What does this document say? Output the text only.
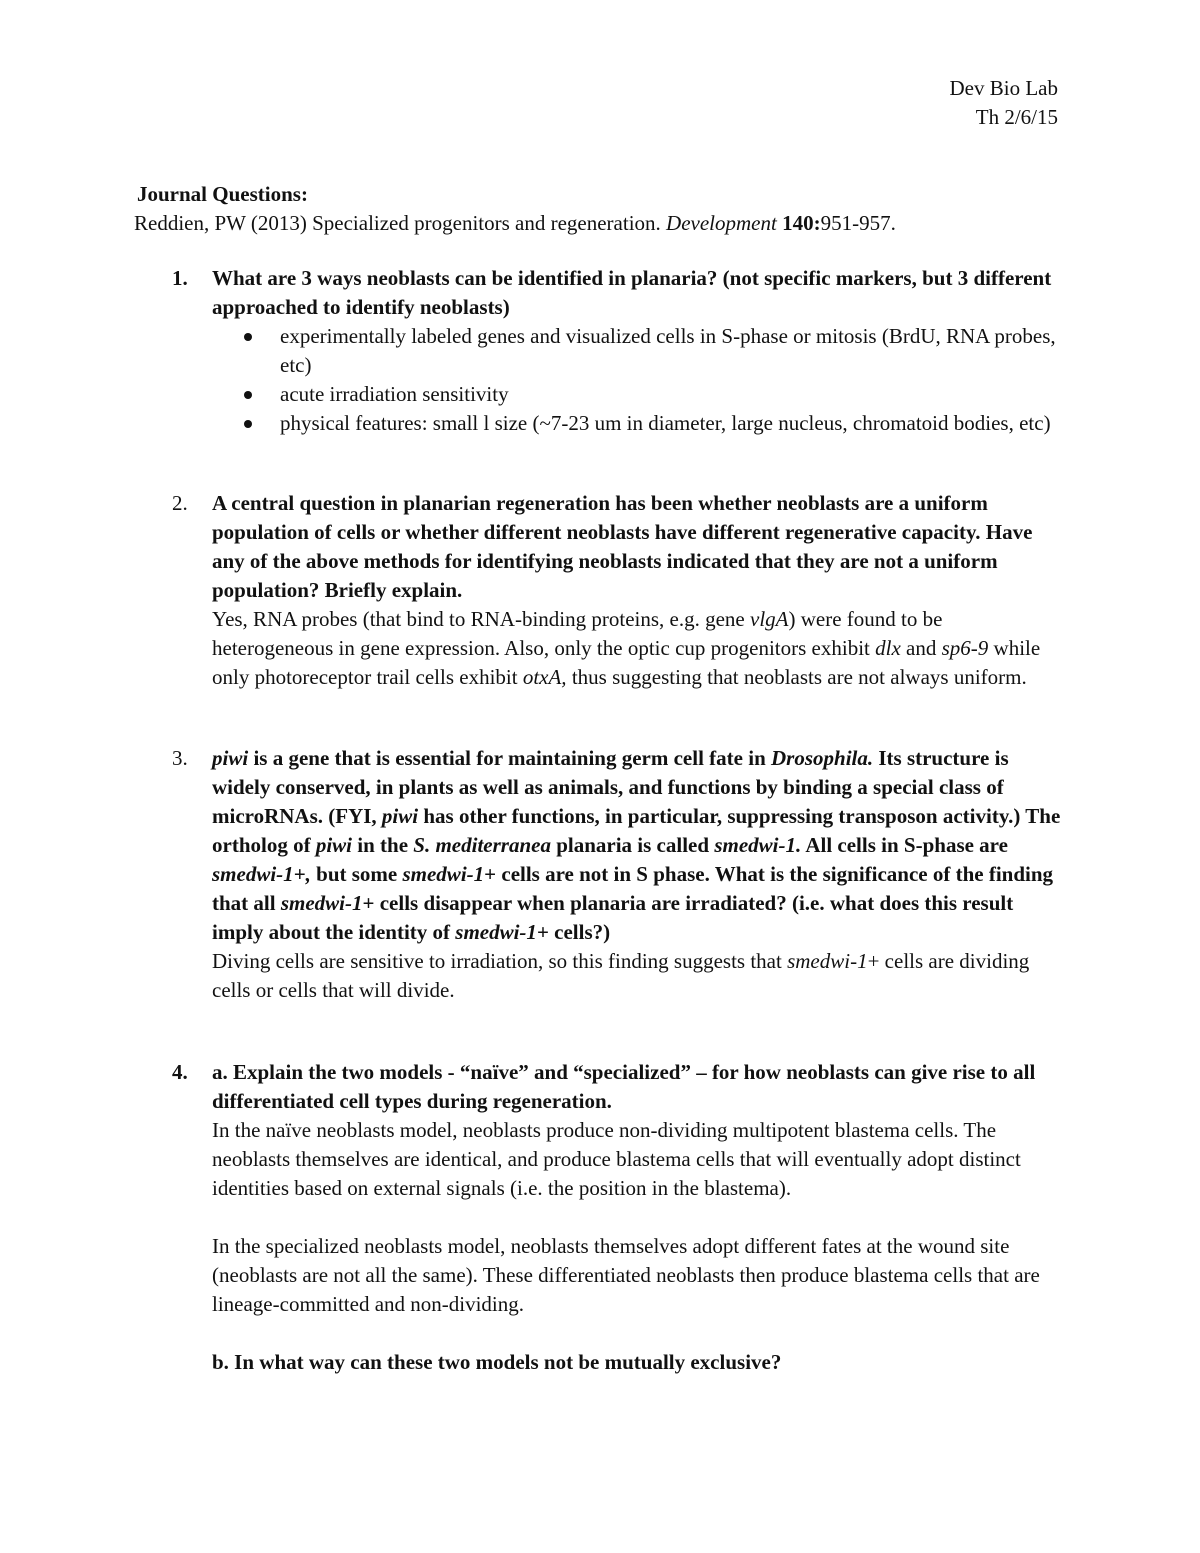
Dev Bio Lab
Th 2/6/15
Journal Questions:
Reddien, PW (2013) Specialized progenitors and regeneration. Development 140:951-957.
1. What are 3 ways neoblasts can be identified in planaria? (not specific markers, but 3 different approached to identify neoblasts)
experimentally labeled genes and visualized cells in S-phase or mitosis (BrdU, RNA probes, etc)
acute irradiation sensitivity
physical features: small l size (~7-23 um in diameter, large nucleus, chromatoid bodies, etc)
2. A central question in planarian regeneration has been whether neoblasts are a uniform population of cells or whether different neoblasts have different regenerative capacity. Have any of the above methods for identifying neoblasts indicated that they are not a uniform population? Briefly explain.
Yes, RNA probes (that bind to RNA-binding proteins, e.g. gene vlgA) were found to be heterogeneous in gene expression. Also, only the optic cup progenitors exhibit dlx and sp6-9 while only photoreceptor trail cells exhibit otxA, thus suggesting that neoblasts are not always uniform.
3. piwi is a gene that is essential for maintaining germ cell fate in Drosophila. Its structure is widely conserved, in plants as well as animals, and functions by binding a special class of microRNAs. (FYI, piwi has other functions, in particular, suppressing transposon activity.) The ortholog of piwi in the S. mediterranea planaria is called smedwi-1. All cells in S-phase are smedwi-1+, but some smedwi-1+ cells are not in S phase. What is the significance of the finding that all smedwi-1+ cells disappear when planaria are irradiated? (i.e. what does this result imply about the identity of smedwi-1+ cells?)
Diving cells are sensitive to irradiation, so this finding suggests that smedwi-1+ cells are dividing cells or cells that will divide.
4. a. Explain the two models - “naïve” and “specialized” – for how neoblasts can give rise to all differentiated cell types during regeneration.
In the naïve neoblasts model, neoblasts produce non-dividing multipotent blastema cells. The neoblasts themselves are identical, and produce blastema cells that will eventually adopt distinct identities based on external signals (i.e. the position in the blastema).
In the specialized neoblasts model, neoblasts themselves adopt different fates at the wound site (neoblasts are not all the same). These differentiated neoblasts then produce blastema cells that are lineage-committed and non-dividing.
b. In what way can these two models not be mutually exclusive?
